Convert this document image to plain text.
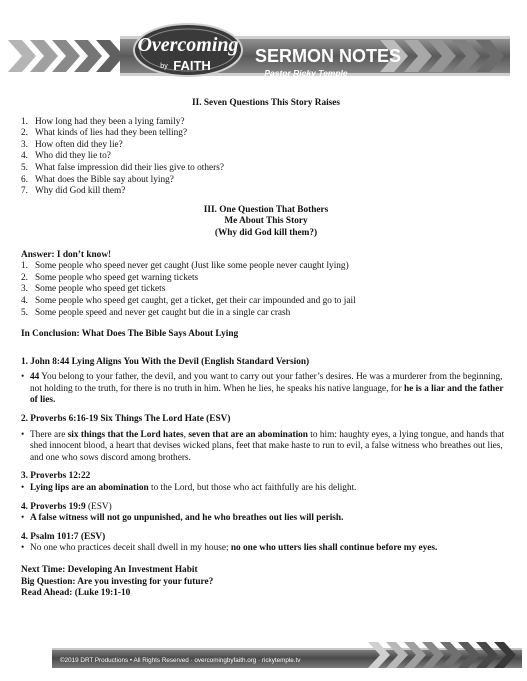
Overcoming
by FAITH SERMON NOTES
Pastor Ricky Temple
II. Seven Questions This Story Raises
1. How long had they been a lying family?
2. What kinds of lies had they been telling?
3. How often did they lie?
4. Who did they lie to?
5. What false impression did their lies give to others?
6. What does the Bible say about lying?
7. Why did God kill them?
III. One Question That Bothers
Me About This Story
(Why did God kill them?)
Answer: I don’t know!
1. Some people who speed never get caught (Just like some people never caught lying)
2. Some people who speed get warning tickets
3. Some people who speed get tickets
4. Some people who speed get caught, get a ticket, get their car impounded and go to jail
5. Some people speed and never get caught but die in a single car crash
In Conclusion: What Does The Bible Says About Lying
1. John 8:44 Lying Aligns You With the Devil (English Standard Version)
• 44 You belong to your father, the devil, and you want to carry out your father’s desires. He was a murderer from the beginning, not holding to the truth, for there is no truth in him. When he lies, he speaks his native language, for he is a liar and the father of lies.
2. Proverbs 6:16-19 Six Things The Lord Hate (ESV)
• There are six things that the Lord hates, seven that are an abomination to him: haughty eyes, a lying tongue, and hands that shed innocent blood, a heart that devises wicked plans, feet that make haste to run to evil, a false witness who breathes out lies, and one who sows discord among brothers.
3. Proverbs 12:22
• Lying lips are an abomination to the Lord, but those who act faithfully are his delight.
4. Proverbs 19:9 (ESV)
• A false witness will not go unpunished, and he who breathes out lies will perish.
4. Psalm 101:7 (ESV)
• No one who practices deceit shall dwell in my house; no one who utters lies shall continue before my eyes.
Next Time: Developing An Investment Habit
Big Question: Are you investing for your future?
Read Ahead: (Luke 19:1-10
©2019 DRT Productions • All Rights Reserved · overcomingbyfaith.org · rickytemple.tv
